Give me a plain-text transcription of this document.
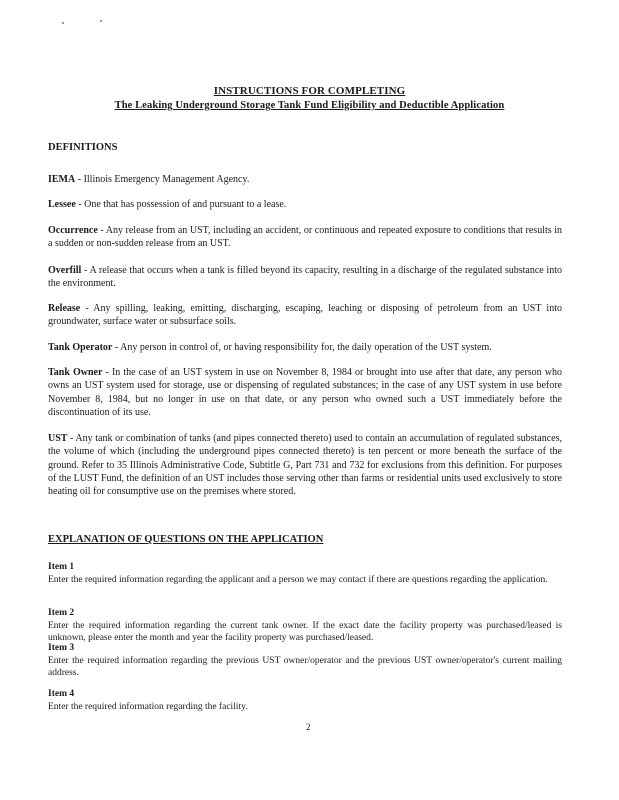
INSTRUCTIONS FOR COMPLETING
The Leaking Underground Storage Tank Fund Eligibility and Deductible Application
DEFINITIONS

IEMA - Illinois Emergency Management Agency.

Lessee - One that has possession of and pursuant to a lease.

Occurrence - Any release from an UST, including an accident, or continuous and repeated exposure to conditions that results in a sudden or non-sudden release from an UST.

Overfill - A release that occurs when a tank is filled beyond its capacity, resulting in a discharge of the regulated substance into the environment.

Release - Any spilling, leaking, emitting, discharging, escaping, leaching or disposing of petroleum from an UST into groundwater, surface water or subsurface soils.

Tank Operator - Any person in control of, or having responsibility for, the daily operation of the UST system.

Tank Owner - In the case of an UST system in use on November 8, 1984 or brought into use after that date, any person who owns an UST system used for storage, use or dispensing of regulated substances; in the case of any UST system in use before November 8, 1984, but no longer in use on that date, or any person who owned such a UST immediately before the discontinuation of its use.

UST - Any tank or combination of tanks (and pipes connected thereto) used to contain an accumulation of regulated substances, the volume of which (including the underground pipes connected thereto) is ten percent or more beneath the surface of the ground. Refer to 35 Illinois Administrative Code, Subtitle G, Part 731 and 732 for exclusions from this definition. For purposes of the LUST Fund, the definition of an UST includes those serving other than farms or residential units used exclusively to store heating oil for consumptive use on the premises where stored.

EXPLANATION OF QUESTIONS ON THE APPLICATION
Item 1

Enter the required information regarding the applicant and a person we may contact if there are questions regarding the application.

Item 2

Enter the required information regarding the current tank owner. If the exact date the facility property was purchased/leased is unknown, please enter the month and year the facility property was purchased/leased.

Item 3

Enter the required information regarding the previous UST owner/operator and the previous UST owner/operator's current mailing address.

Item 4

Enter the required information regarding the facility.

2
